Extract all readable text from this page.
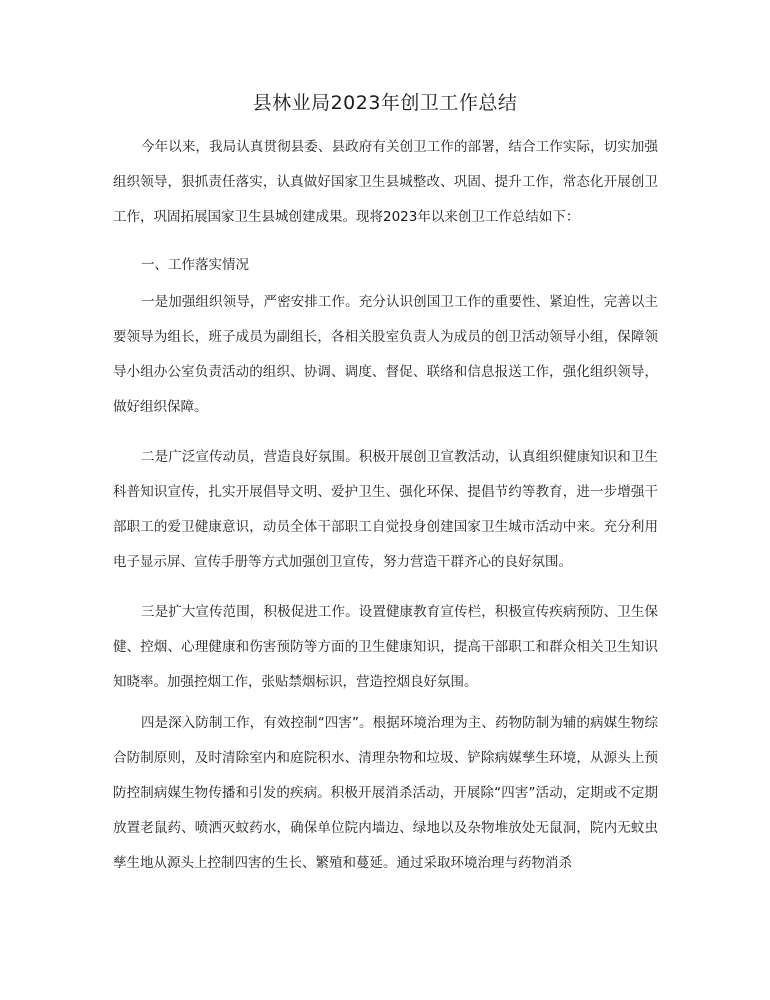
县林业局2023年创卫工作总结

今年以来，我局认真贯彻县委、县政府有关创卫工作的部署，结合工作实际，切实加强组织领导，狠抓责任落实，认真做好国家卫生县城整改、巩固、提升工作，常态化开展创卫工作，巩固拓展国家卫生县城创建成果。现将2023年以来创卫工作总结如下：

一、工作落实情况

一是加强组织领导，严密安排工作。充分认识创国卫工作的重要性、紧迫性，完善以主要领导为组长，班子成员为副组长，各相关股室负责人为成员的创卫活动领导小组，保障领导小组办公室负责活动的组织、协调、调度、督促、联络和信息报送工作，强化组织领导，做好组织保障。

二是广泛宣传动员，营造良好氛围。积极开展创卫宣教活动，认真组织健康知识和卫生科普知识宣传，扎实开展倡导文明、爱护卫生、强化环保、提倡节约等教育，进一步增强干部职工的爱卫健康意识，动员全体干部职工自觉投身创建国家卫生城市活动中来。充分利用电子显示屏、宣传手册等方式加强创卫宣传，努力营造干群齐心的良好氛围。

三是扩大宣传范围，积极促进工作。设置健康教育宣传栏，积极宣传疾病预防、卫生保健、控烟、心理健康和伤害预防等方面的卫生健康知识，提高干部职工和群众相关卫生知识知晓率。加强控烟工作，张贴禁烟标识，营造控烟良好氛围。

四是深入防制工作，有效控制“四害”。根据环境治理为主、药物防制为辅的病媒生物综合防制原则，及时清除室内和庭院积水、清理杂物和垃圾、铲除病媒孳生环境，从源头上预防控制病媒生物传播和引发的疾病。积极开展消杀活动，开展除“四害”活动，定期或不定期放置老鼠药、喷洒灭蚊药水，确保单位院内墙边、绿地以及杂物堆放处无鼠洞，院内无蚊虫孳生地从源头上控制四害的生长、繁殖和蔓延。通过采取环境治理与药物消杀
